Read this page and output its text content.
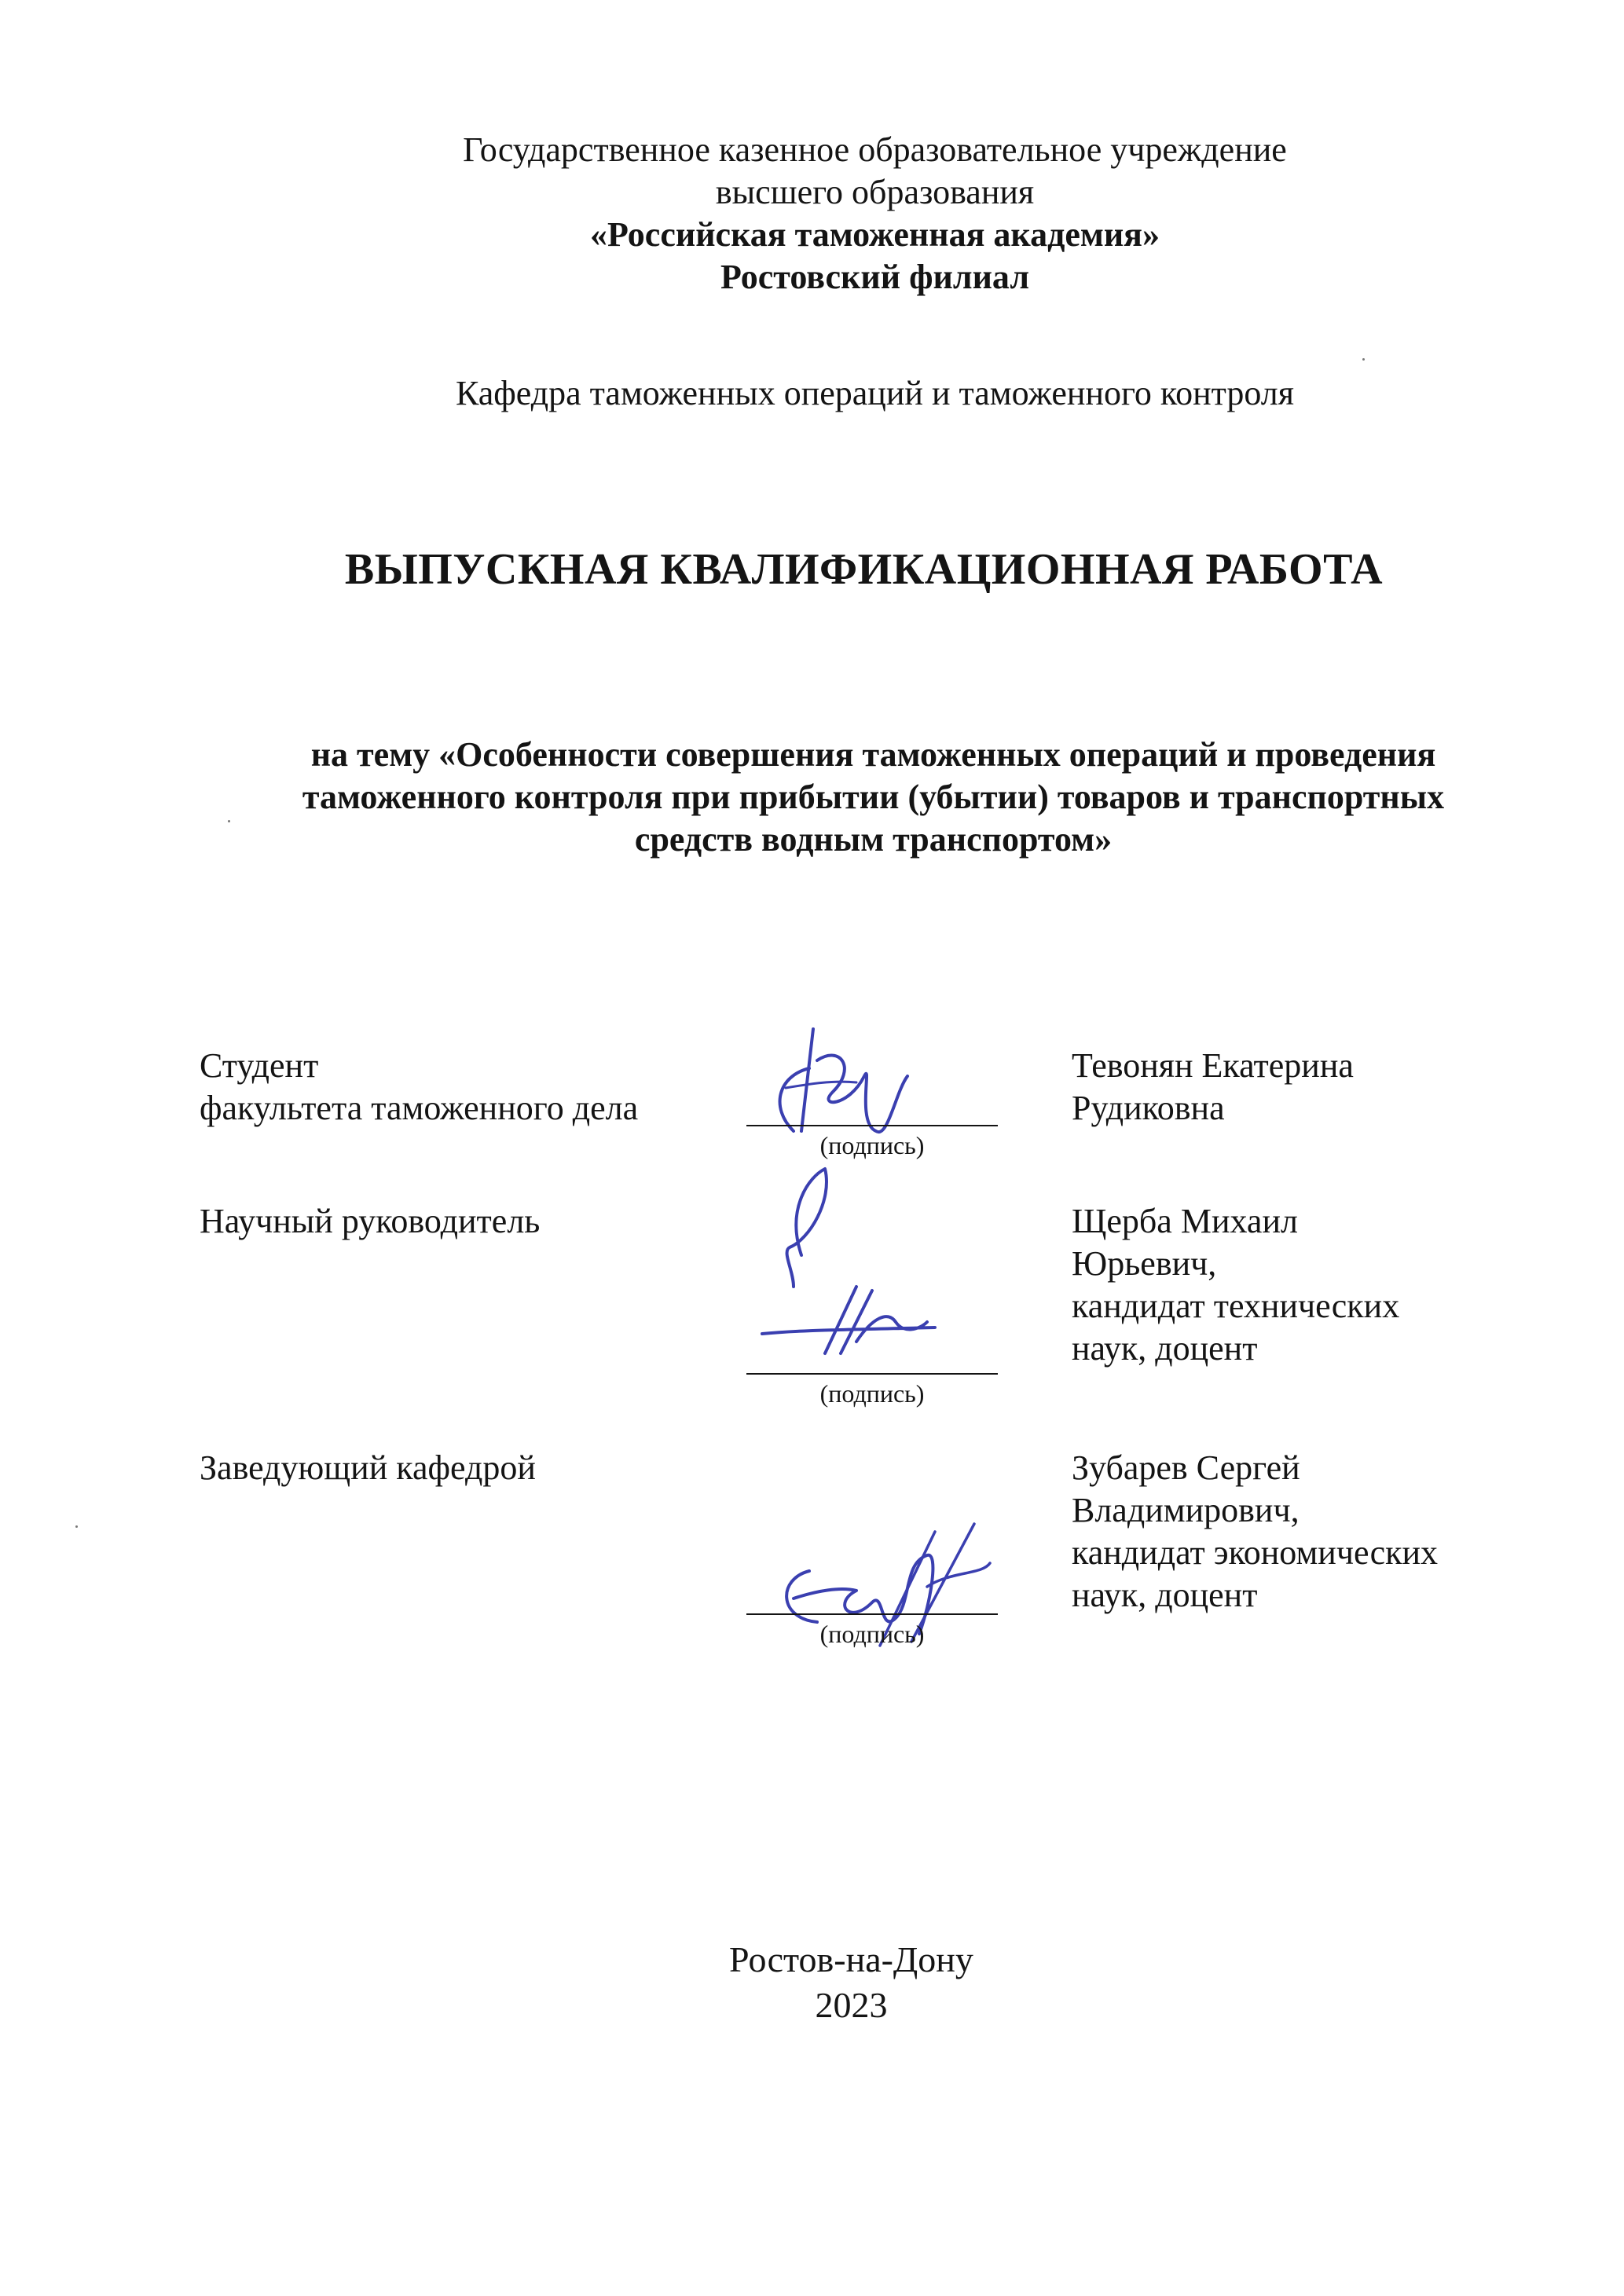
Государственное казенное образовательное учреждение
высшего образования
«Российская таможенная академия»
Ростовский филиал
Кафедра таможенных операций и таможенного контроля
ВЫПУСКНАЯ КВАЛИФИКАЦИОННАЯ РАБОТА
на тему «Особенности совершения таможенных операций и проведения
таможенного контроля при прибытии (убытии) товаров и транспортных
средств водным транспортом»
Студент
факультета таможенного дела
(подпись)
Тевонян Екатерина
Рудиковна
Научный руководитель
(подпись)
Щерба Михаил
Юрьевич,
кандидат технических
наук, доцент
Заведующий кафедрой
(подпись)
Зубарев Сергей
Владимирович,
кандидат экономических
наук, доцент
Ростов-на-Дону
2023
